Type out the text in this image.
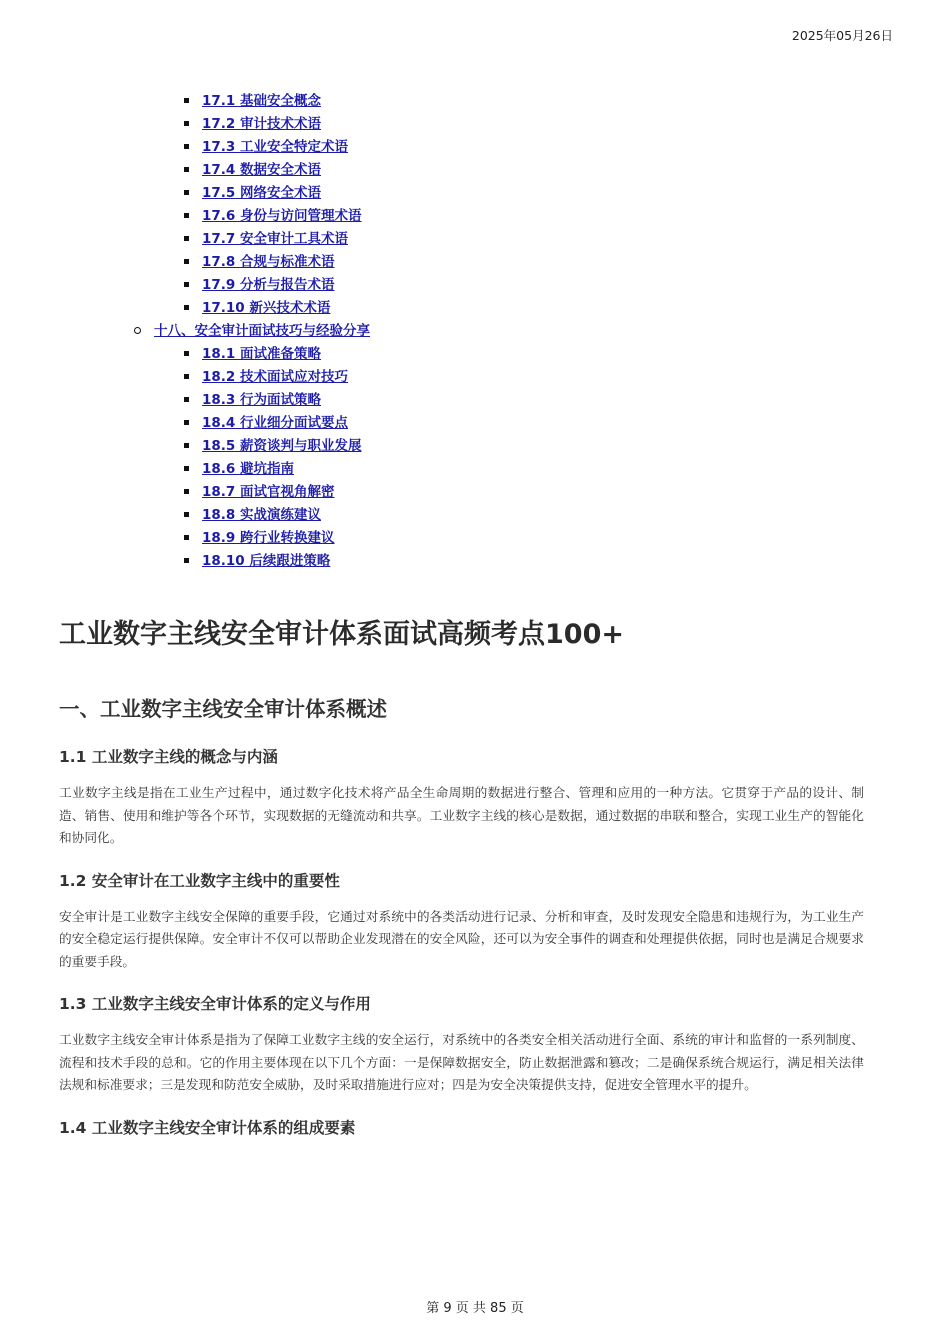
2025年05月26日
17.1 基础安全概念
17.2 审计技术术语
17.3 工业安全特定术语
17.4 数据安全术语
17.5 网络安全术语
17.6 身份与访问管理术语
17.7 安全审计工具术语
17.8 合规与标准术语
17.9 分析与报告术语
17.10 新兴技术术语
十八、安全审计面试技巧与经验分享
18.1 面试准备策略
18.2 技术面试应对技巧
18.3 行为面试策略
18.4 行业细分面试要点
18.5 薪资谈判与职业发展
18.6 避坑指南
18.7 面试官视角解密
18.8 实战演练建议
18.9 跨行业转换建议
18.10 后续跟进策略
工业数字主线安全审计体系面试高频考点100+
一、工业数字主线安全审计体系概述
1.1 工业数字主线的概念与内涵

工业数字主线是指在工业生产过程中，通过数字化技术将产品全生命周期的数据进行整合、管理和应用的一种方法。它贯穿于产品的设计、制造、销售、使用和维护等各个环节，实现数据的无缝流动和共享。工业数字主线的核心是数据，通过数据的串联和整合，实现工业生产的智能化和协同化。

1.2 安全审计在工业数字主线中的重要性

安全审计是工业数字主线安全保障的重要手段，它通过对系统中的各类活动进行记录、分析和审查，及时发现安全隐患和违规行为，为工业生产的安全稳定运行提供保障。安全审计不仅可以帮助企业发现潜在的安全风险，还可以为安全事件的调查和处理提供依据，同时也是满足合规要求的重要手段。

1.3 工业数字主线安全审计体系的定义与作用

工业数字主线安全审计体系是指为了保障工业数字主线的安全运行，对系统中的各类安全相关活动进行全面、系统的审计和监督的一系列制度、流程和技术手段的总和。它的作用主要体现在以下几个方面：一是保障数据安全，防止数据泄露和篡改；二是确保系统合规运行，满足相关法律法规和标准要求；三是发现和防范安全威胁，及时采取措施进行应对；四是为安全决策提供支持，促进安全管理水平的提升。

1.4 工业数字主线安全审计体系的组成要素
第 9 页 共 85 页
